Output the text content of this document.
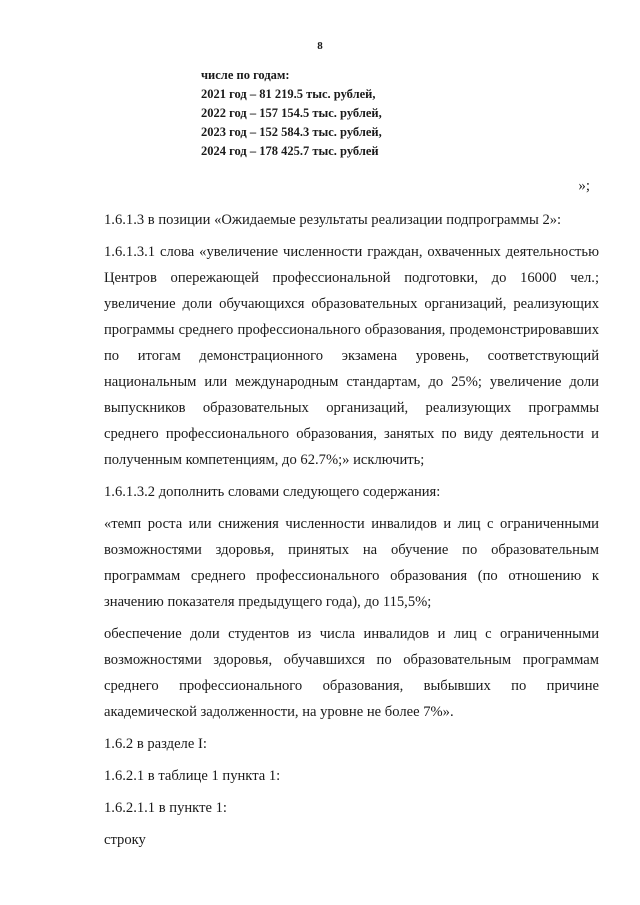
8
числе по годам:
2021 год – 81 219.5 тыс. рублей,
2022 год – 157 154.5 тыс. рублей,
2023 год – 152 584.3 тыс. рублей,
2024 год – 178 425.7 тыс. рублей
»;

1.6.1.3 в позиции «Ожидаемые результаты реализации подпрограммы 2»:

1.6.1.3.1 слова «увеличение численности граждан, охваченных деятельностью Центров опережающей профессиональной подготовки, до 16000 чел.; увеличение доли обучающихся образовательных организаций, реализующих программы среднего профессионального образования, продемонстрировавших по итогам демонстрационного экзамена уровень, соответствующий национальным или международным стандартам, до 25%; увеличение доли выпускников образовательных организаций, реализующих программы среднего профессионального образования, занятых по виду деятельности и полученным компетенциям, до 62.7%;» исключить;

1.6.1.3.2 дополнить словами следующего содержания:

«темп роста или снижения численности инвалидов и лиц с ограниченными возможностями здоровья, принятых на обучение по образовательным программам среднего профессионального образования (по отношению к значению показателя предыдущего года), до 115,5%;

обеспечение доли студентов из числа инвалидов и лиц с ограниченными возможностями здоровья, обучавшихся по образовательным программам среднего профессионального образования, выбывших по причине академической задолженности, на уровне не более 7%».

1.6.2 в разделе I:

1.6.2.1 в таблице 1 пункта 1:

1.6.2.1.1 в пункте 1:

строку
